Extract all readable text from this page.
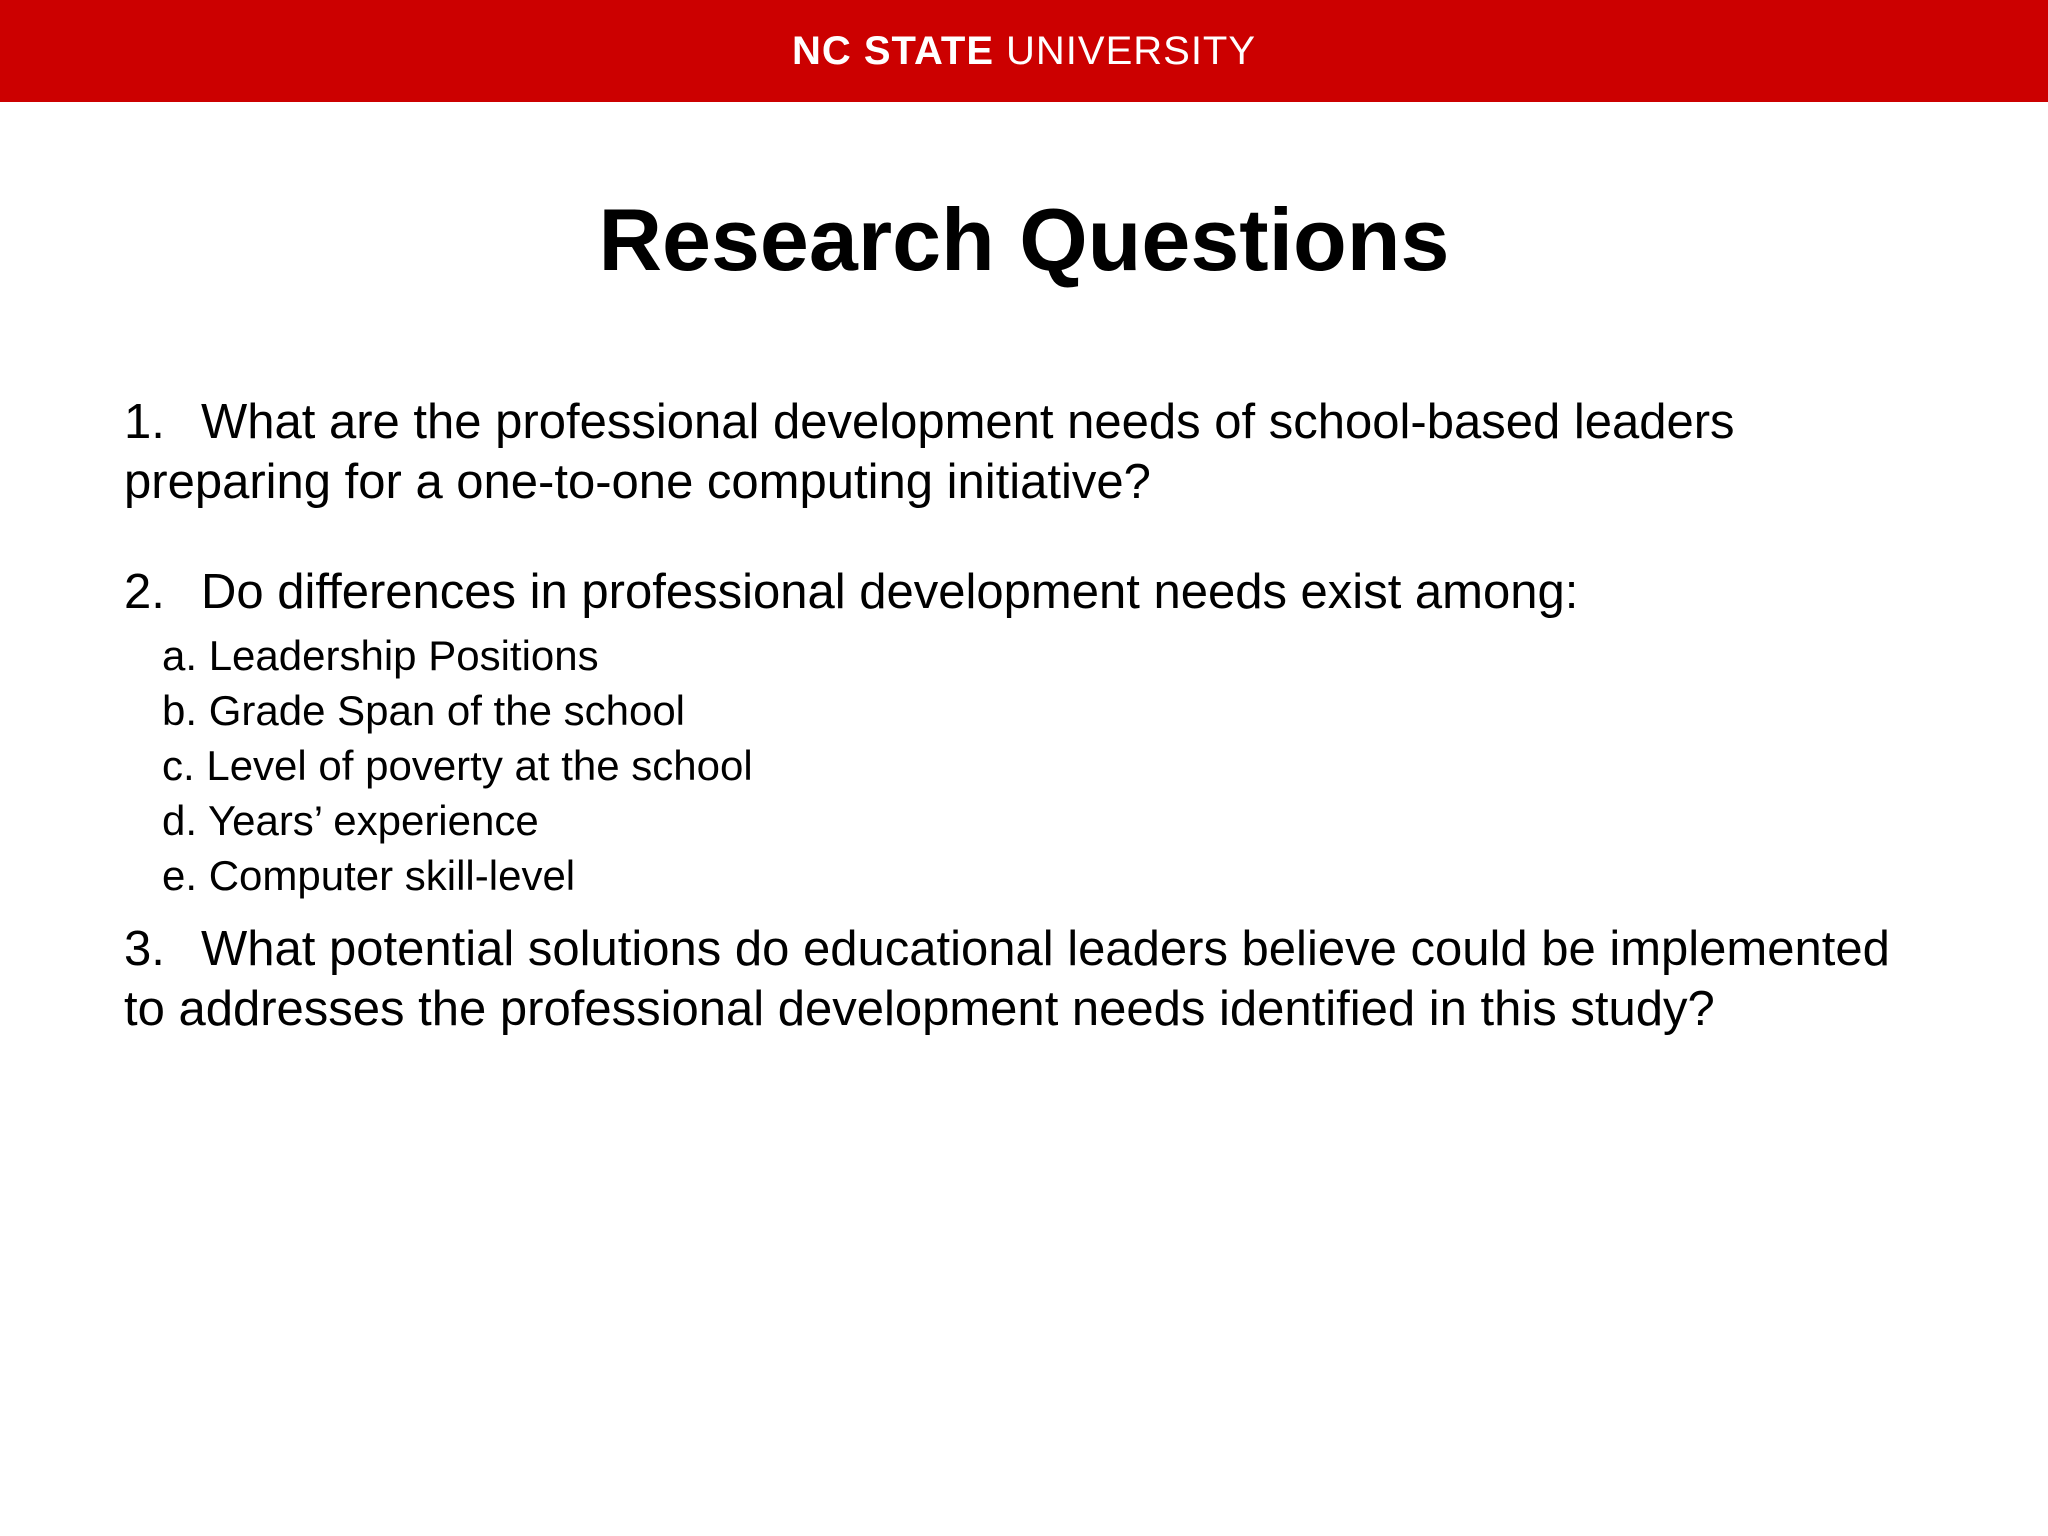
NC STATE UNIVERSITY
Research Questions

1. What are the professional development needs of school-based leaders preparing for a one-to-one computing initiative?

2. Do differences in professional development needs exist among:

a. Leadership Positions
b. Grade Span of the school
c. Level of poverty at the school
d. Years’ experience
e. Computer skill-level

3. What potential solutions do educational leaders believe could be implemented to addresses the professional development needs identified in this study?
